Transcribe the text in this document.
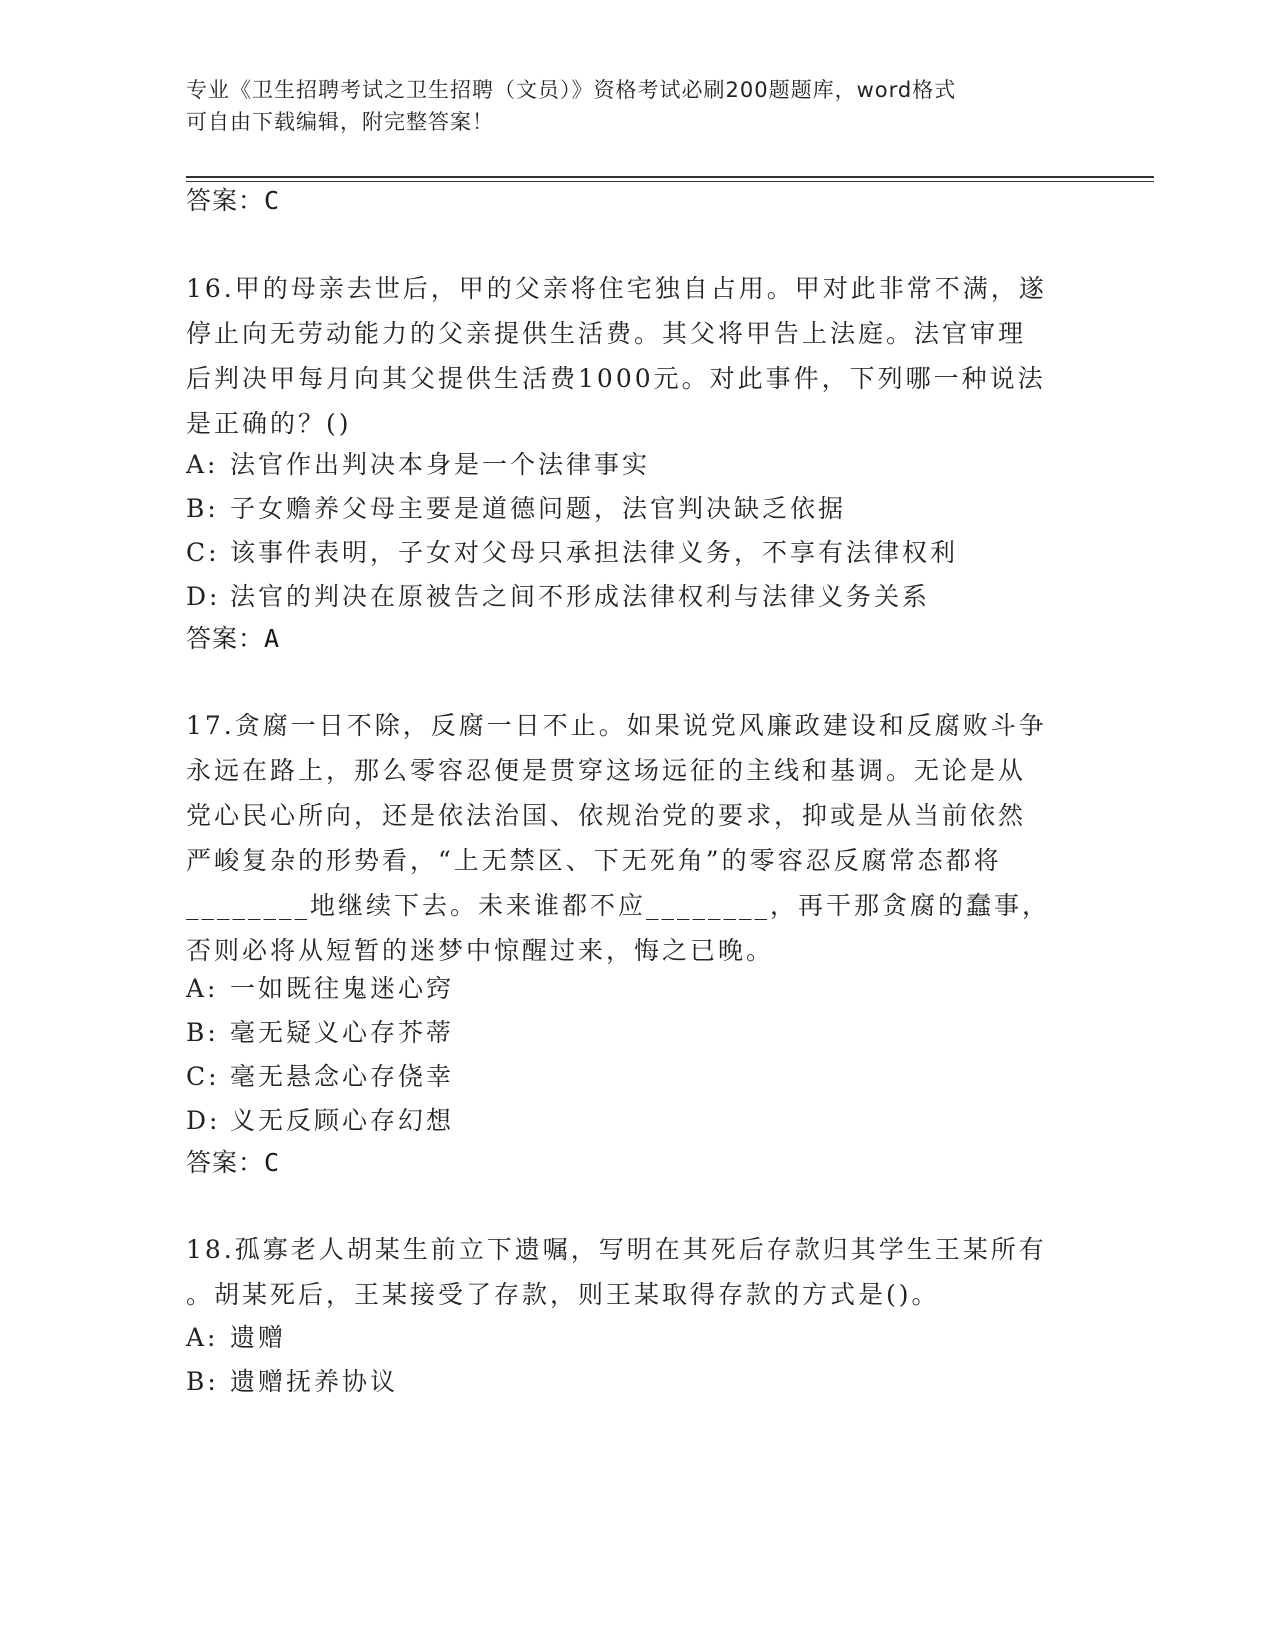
专业《卫生招聘考试之卫生招聘（文员）》资格考试必刷200题题库，word格式
可自由下载编辑，附完整答案！
答案：C
16.甲的母亲去世后，甲的父亲将住宅独自占用。甲对此非常不满，遂
停止向无劳动能力的父亲提供生活费。其父将甲告上法庭。法官审理
后判决甲每月向其父提供生活费1000元。对此事件，下列哪一种说法
是正确的？()
A: 法官作出判决本身是一个法律事实
B: 子女赡养父母主要是道德问题，法官判决缺乏依据
C: 该事件表明，子女对父母只承担法律义务，不享有法律权利
D: 法官的判决在原被告之间不形成法律权利与法律义务关系
答案：A
17.贪腐一日不除，反腐一日不止。如果说党风廉政建设和反腐败斗争
永远在路上，那么零容忍便是贯穿这场远征的主线和基调。无论是从
党心民心所向，还是依法治国、依规治党的要求，抑或是从当前依然
严峻复杂的形势看，“上无禁区、下无死角”的零容忍反腐常态都将
________地继续下去。未来谁都不应________，再干那贪腐的蠢事，
否则必将从短暂的迷梦中惊醒过来，悔之已晚。
A: 一如既往鬼迷心窍
B: 毫无疑义心存芥蒂
C: 毫无悬念心存侥幸
D: 义无反顾心存幻想
答案：C
18.孤寡老人胡某生前立下遗嘱，写明在其死后存款归其学生王某所有
。胡某死后，王某接受了存款，则王某取得存款的方式是()。
A: 遗赠
B: 遗赠抚养协议
